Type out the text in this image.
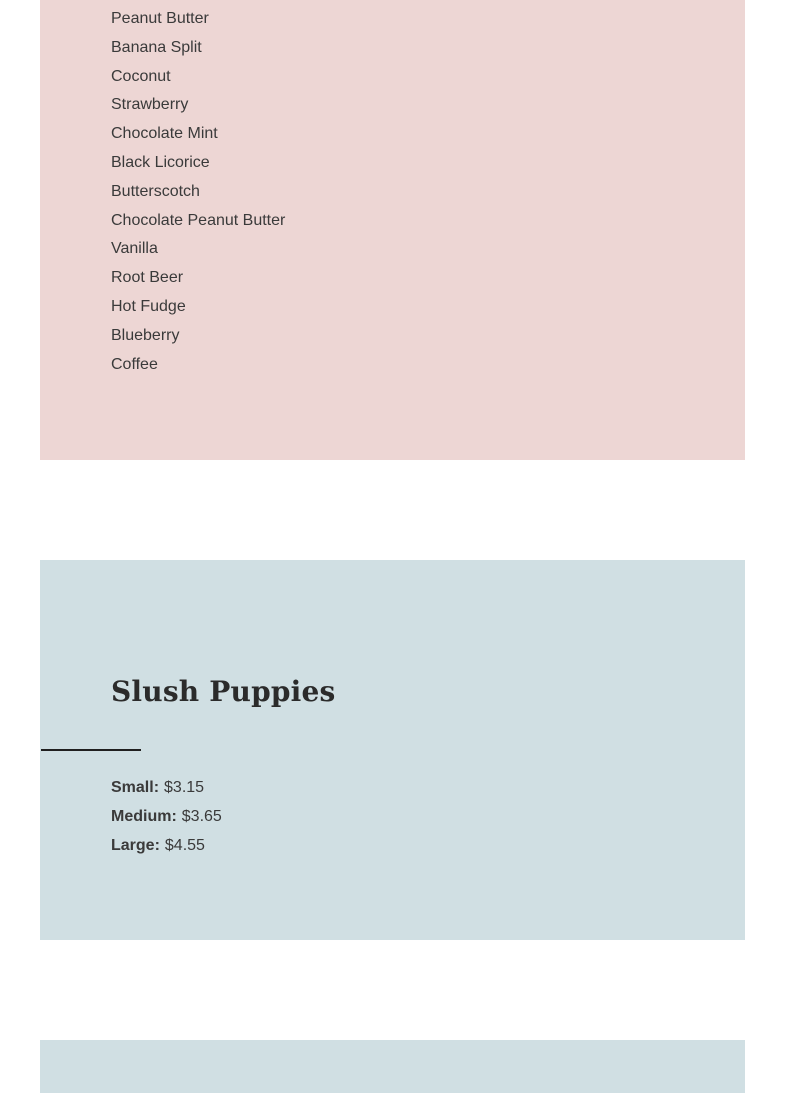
Peanut Butter
Banana Split
Coconut
Strawberry
Chocolate Mint
Black Licorice
Butterscotch
Chocolate Peanut Butter
Vanilla
Root Beer
Hot Fudge
Blueberry
Coffee
Slush Puppies
Small: $3.15
Medium: $3.65
Large: $4.55
